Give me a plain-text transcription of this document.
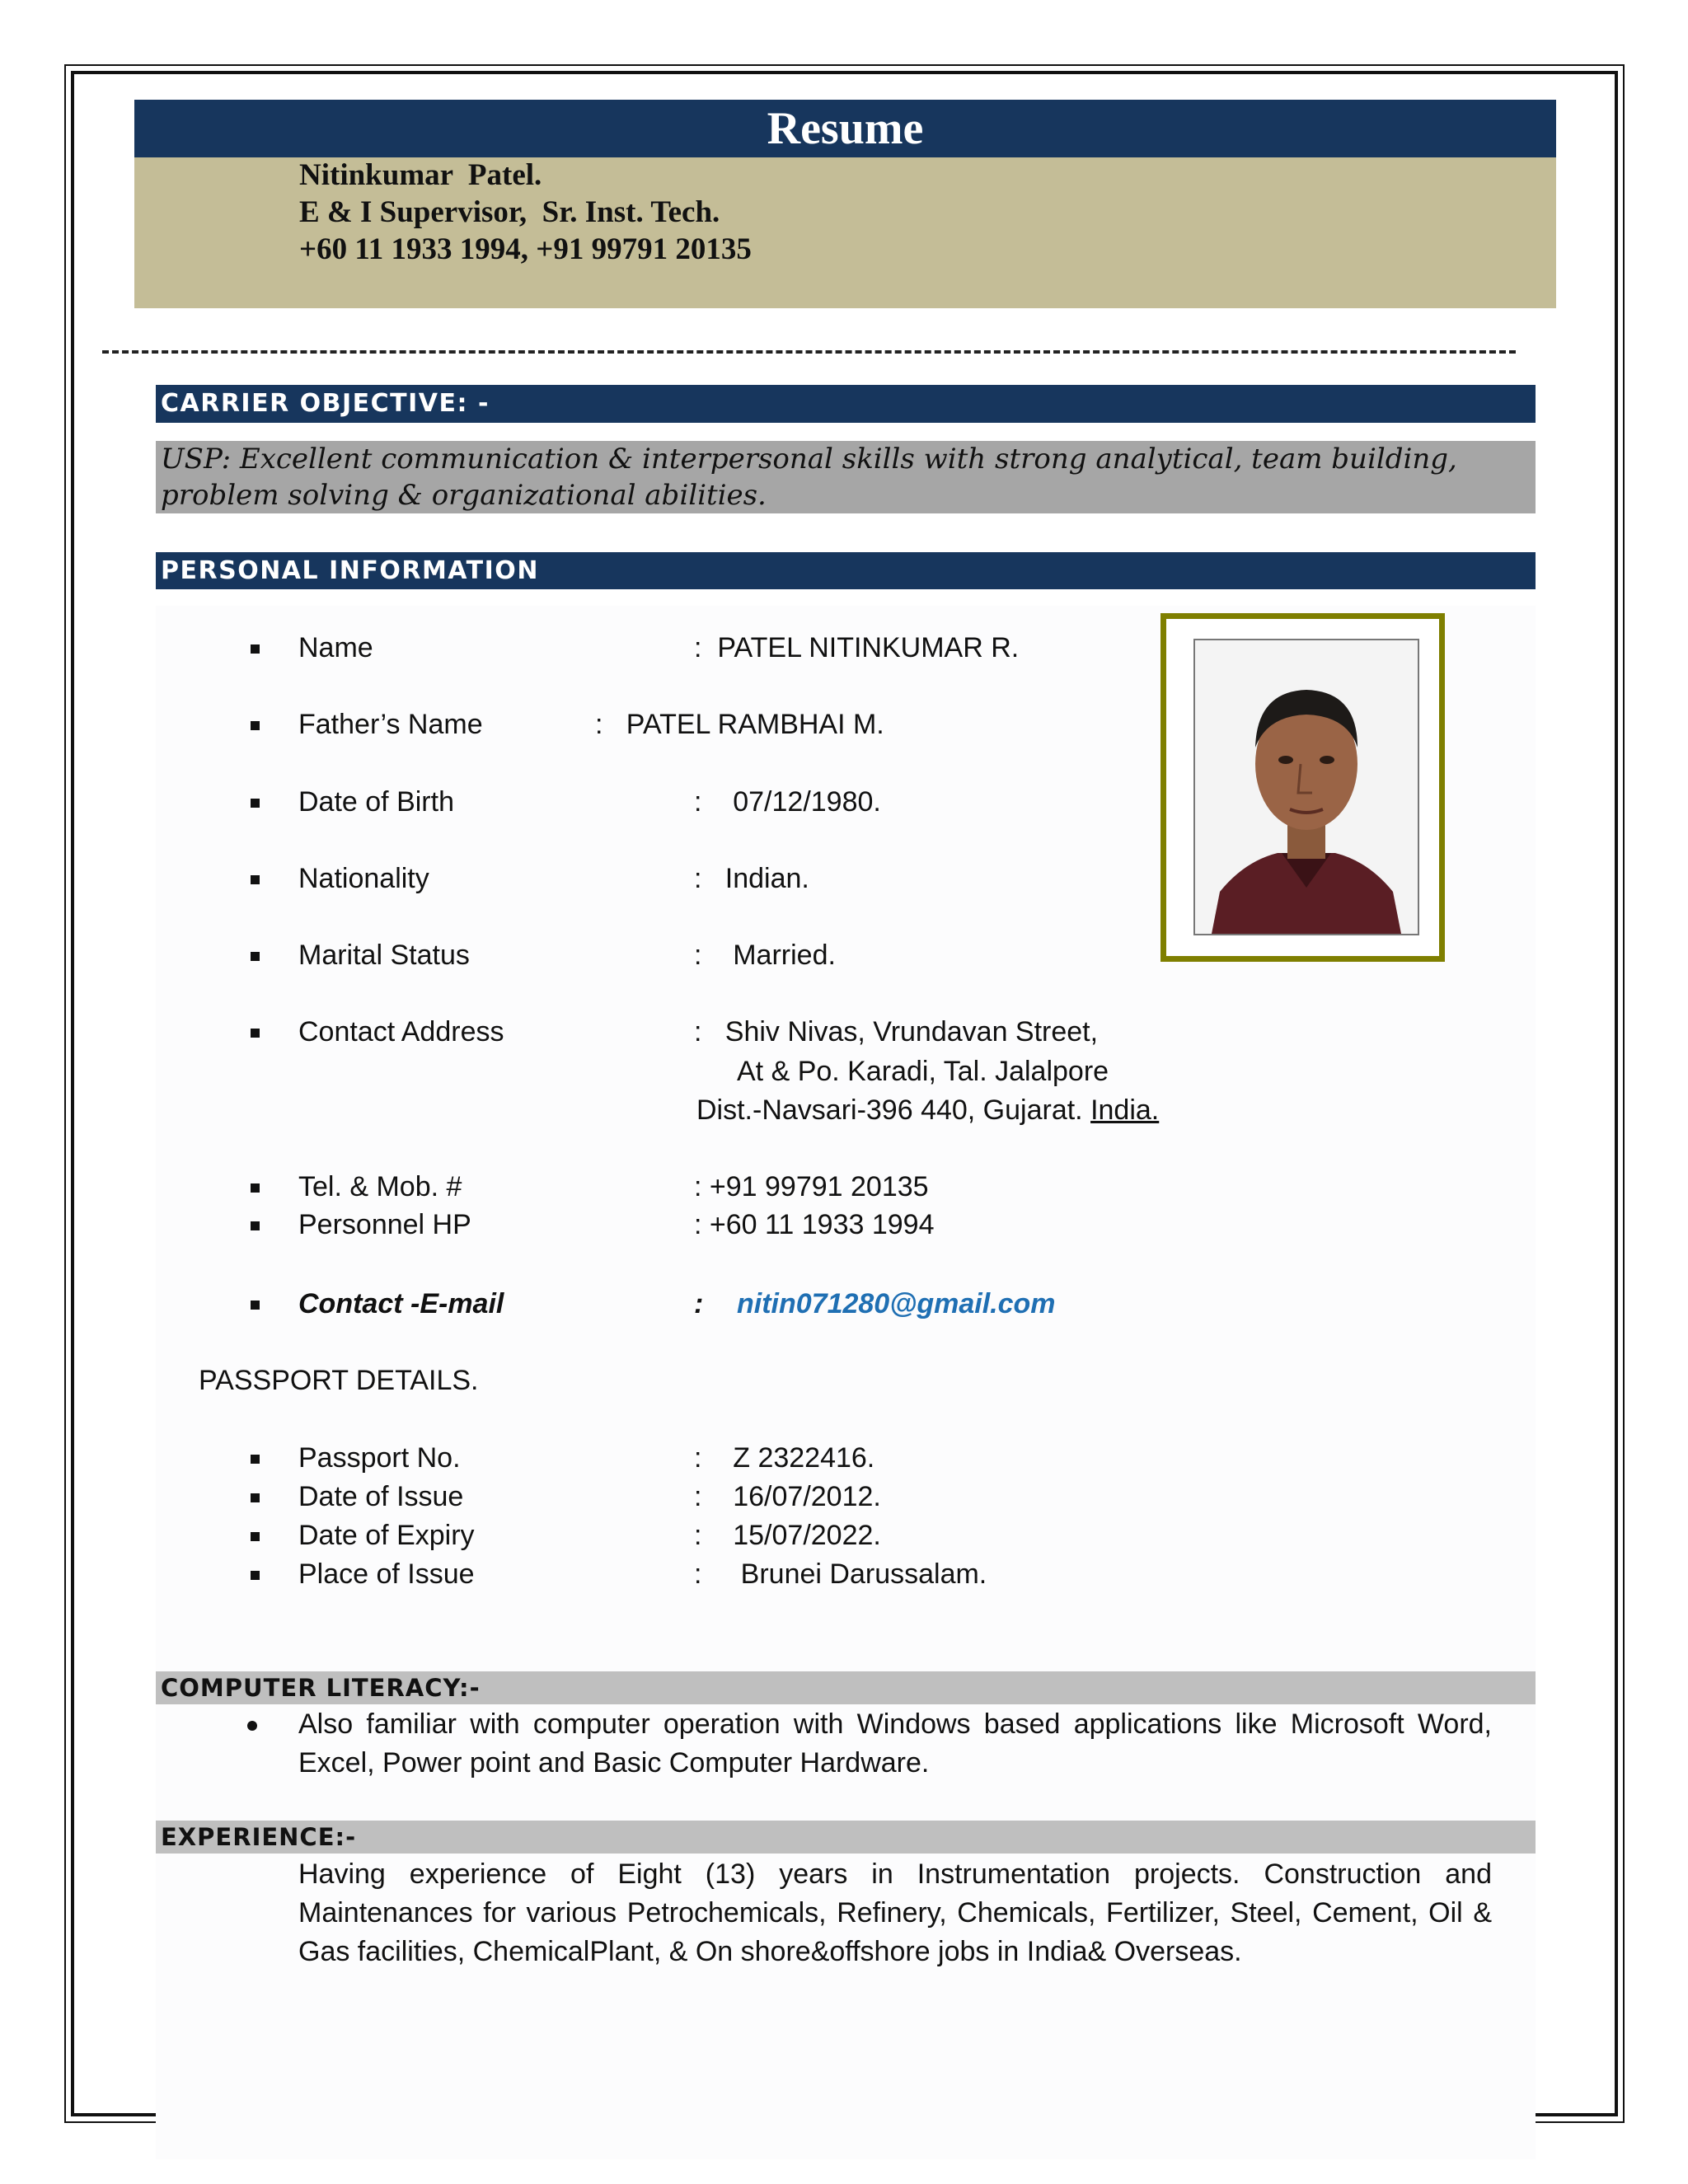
Resume
Nitinkumar  Patel.
E & I Supervisor,  Sr. Inst. Tech.
+60 11 1933 1994, +91 99791 20135
CARRIER OBJECTIVE: -
USP: Excellent communication & interpersonal skills with strong analytical, team building,
problem solving & organizational abilities.
PERSONAL INFORMATION
Name	:  PATEL NITINKUMAR R.
Father’s Name	:   PATEL RAMBHAI M.
Date of Birth	:    07/12/1980.
Nationality	:   Indian.
Marital Status	:    Married.
Contact Address	:   Shiv Nivas, Vrundavan Street,
At & Po. Karadi, Tal. Jalalpore
Dist.-Navsari-396 440, Gujarat. India.
Tel. & Mob. #	: +91 99791 20135
Personnel HP	: +60 11 1933 1994
Contact -E-mail	: nitin071280@gmail.com
PASSPORT DETAILS.
Passport No.	:    Z 2322416.
Date of Issue	:    16/07/2012.
Date of Expiry	:    15/07/2022.
Place of Issue	:     Brunei Darussalam.
COMPUTER LITERACY:-
Also familiar with computer operation with Windows based applications like Microsoft Word,
Excel, Power point and Basic Computer Hardware.
EXPERIENCE:-
Having experience of Eight (13) years in Instrumentation projects. Construction and
Maintenances for various Petrochemicals, Refinery, Chemicals, Fertilizer, Steel, Cement, Oil &
Gas facilities, ChemicalPlant, & On shore&offshore jobs in India& Overseas.
